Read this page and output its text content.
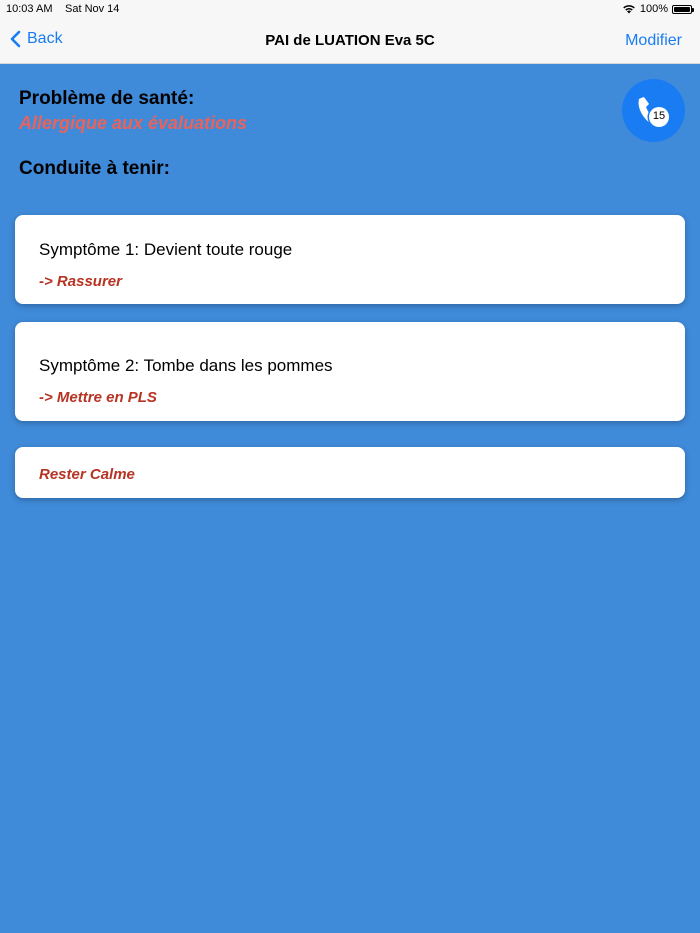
10:03 AM Sat Nov 14	100%
Back	PAI de LUATION Eva 5C	Modifier
Problème de santé:
Allergique aux évaluations
Conduite à tenir:
15
Symptôme 1: Devient toute rouge
-> Rassurer
Symptôme 2: Tombe dans les pommes
-> Mettre en PLS
Rester Calme
